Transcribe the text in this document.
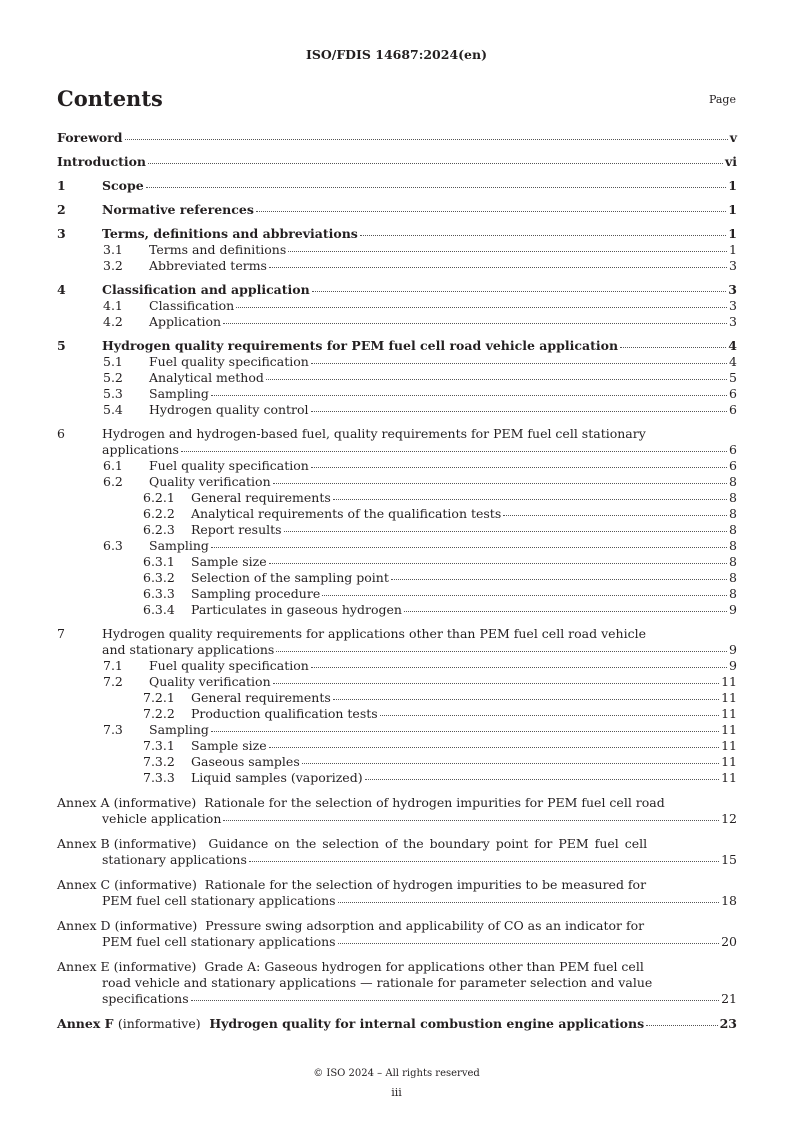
ISO/FDIS 14687:2024(en)
Contents	Page
Foreword	v
Introduction	vi
1	Scope	1
2	Normative references	1
3	Terms, definitions and abbreviations	1
3.1	Terms and definitions	1
3.2	Abbreviated terms	3
4	Classification and application	3
4.1	Classification	3
4.2	Application	3
5	Hydrogen quality requirements for PEM fuel cell road vehicle application	4
5.1	Fuel quality specification	4
5.2	Analytical method	5
5.3	Sampling	6
5.4	Hydrogen quality control	6
6	Hydrogen and hydrogen-based fuel, quality requirements for PEM fuel cell stationary
applications	6
6.1	Fuel quality specification	6
6.2	Quality verification	8
6.2.1	General requirements	8
6.2.2	Analytical requirements of the qualification tests	8
6.2.3	Report results	8
6.3	Sampling	8
6.3.1	Sample size	8
6.3.2	Selection of the sampling point	8
6.3.3	Sampling procedure	8
6.3.4	Particulates in gaseous hydrogen	9
7	Hydrogen quality requirements for applications other than PEM fuel cell road vehicle
and stationary applications	9
7.1	Fuel quality specification	9
7.2	Quality verification	11
7.2.1	General requirements	11
7.2.2	Production qualification tests	11
7.3	Sampling	11
7.3.1	Sample size	11
7.3.2	Gaseous samples	11
7.3.3	Liquid samples (vaporized)	11
Annex A (informative) Rationale for the selection of hydrogen impurities for PEM fuel cell road
vehicle application	12
Annex B (informative) Guidance on the selection of the boundary point for PEM fuel cell
stationary applications	15
Annex C (informative) Rationale for the selection of hydrogen impurities to be measured for
PEM fuel cell stationary applications	18
Annex D (informative) Pressure swing adsorption and applicability of CO as an indicator for
PEM fuel cell stationary applications	20
Annex E (informative) Grade A: Gaseous hydrogen for applications other than PEM fuel cell
road vehicle and stationary applications — rationale for parameter selection and value
specifications	21
Annex F (informative) Hydrogen quality for internal combustion engine applications	23
© ISO 2024 – All rights reserved
iii
